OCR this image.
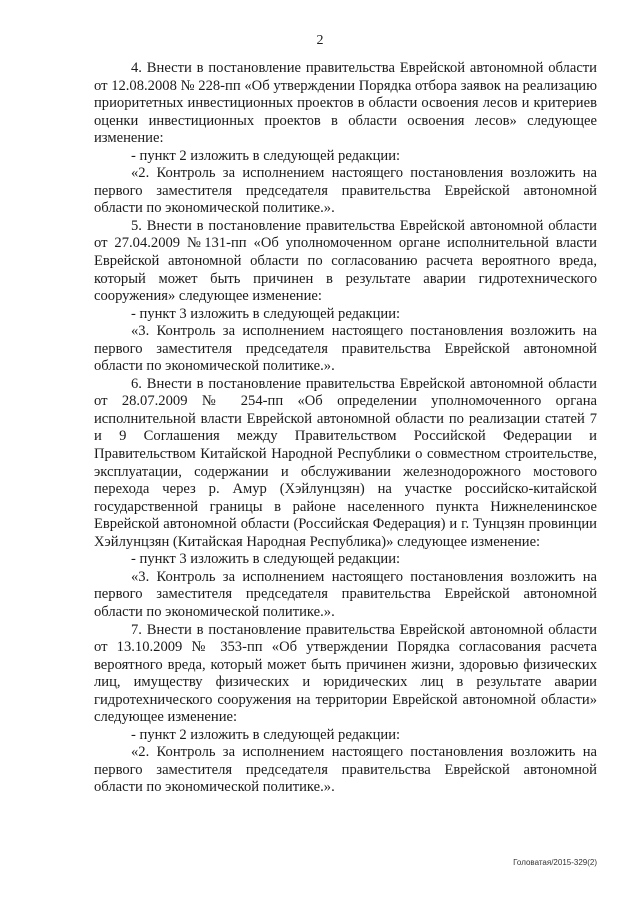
2

4. Внести в постановление правительства Еврейской автономной области от 12.08.2008 № 228-пп «Об утверждении Порядка отбора заявок на реализацию приоритетных инвестиционных проектов в области освоения лесов и критериев оценки инвестиционных проектов в области освоения лесов» следующее изменение:

- пункт 2 изложить в следующей редакции:

«2. Контроль за исполнением настоящего постановления возложить на первого заместителя председателя правительства Еврейской автономной области по экономической политике.».

5. Внести в постановление правительства Еврейской автономной области от 27.04.2009 №131-пп «Об уполномоченном органе исполнительной власти Еврейской автономной области по согласованию расчета вероятного вреда, который может быть причинен в результате аварии гидротехнического сооружения» следующее изменение:

- пункт 3 изложить в следующей редакции:

«3. Контроль за исполнением настоящего постановления возложить на первого заместителя председателя правительства Еврейской автономной области по экономической политике.».

6. Внести в постановление правительства Еврейской автономной области от 28.07.2009 № 254-пп «Об определении уполномоченного органа исполнительной власти Еврейской автономной области по реализации статей 7 и 9 Соглашения между Правительством Российской Федерации и Правительством Китайской Народной Республики о совместном строительстве, эксплуатации, содержании и обслуживании железнодорожного мостового перехода через р. Амур (Хэйлунцзян) на участке российско-китайской государственной границы в районе населенного пункта Нижнеленинское Еврейской автономной области (Российская Федерация) и г. Тунцзян провинции Хэйлунцзян (Китайская Народная Республика)» следующее изменение:

- пункт 3 изложить в следующей редакции:

«3. Контроль за исполнением настоящего постановления возложить на первого заместителя председателя правительства Еврейской автономной области по экономической политике.».

7. Внести в постановление правительства Еврейской автономной области от 13.10.2009 № 353-пп «Об утверждении Порядка согласования расчета вероятного вреда, который может быть причинен жизни, здоровью физических лиц, имуществу физических и юридических лиц в результате аварии гидротехнического сооружения на территории Еврейской автономной области» следующее изменение:

- пункт 2 изложить в следующей редакции:

«2. Контроль за исполнением настоящего постановления возложить на первого заместителя председателя правительства Еврейской автономной области по экономической политике.».

Головатая/2015-329(2)
